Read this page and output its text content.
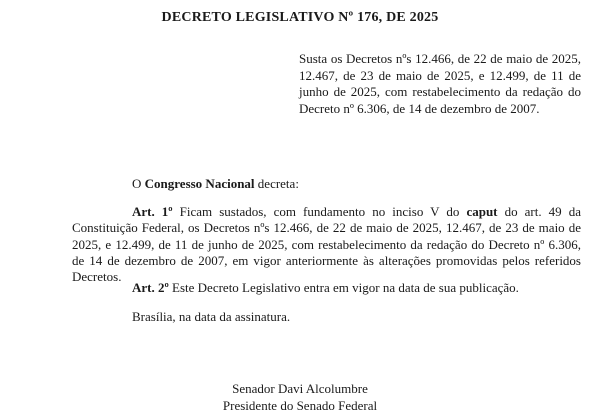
DECRETO LEGISLATIVO Nº 176, DE 2025
Susta os Decretos nºs 12.466, de 22 de maio de 2025, 12.467, de 23 de maio de 2025, e 12.499, de 11 de junho de 2025, com restabelecimento da redação do Decreto nº 6.306, de 14 de dezembro de 2007.
O Congresso Nacional decreta:
Art. 1º Ficam sustados, com fundamento no inciso V do caput do art. 49 da Constituição Federal, os Decretos nºs 12.466, de 22 de maio de 2025, 12.467, de 23 de maio de 2025, e 12.499, de 11 de junho de 2025, com restabelecimento da redação do Decreto nº 6.306, de 14 de dezembro de 2007, em vigor anteriormente às alterações promovidas pelos referidos Decretos.
Art. 2º Este Decreto Legislativo entra em vigor na data de sua publicação.
Brasília, na data da assinatura.
Senador Davi Alcolumbre
Presidente do Senado Federal
